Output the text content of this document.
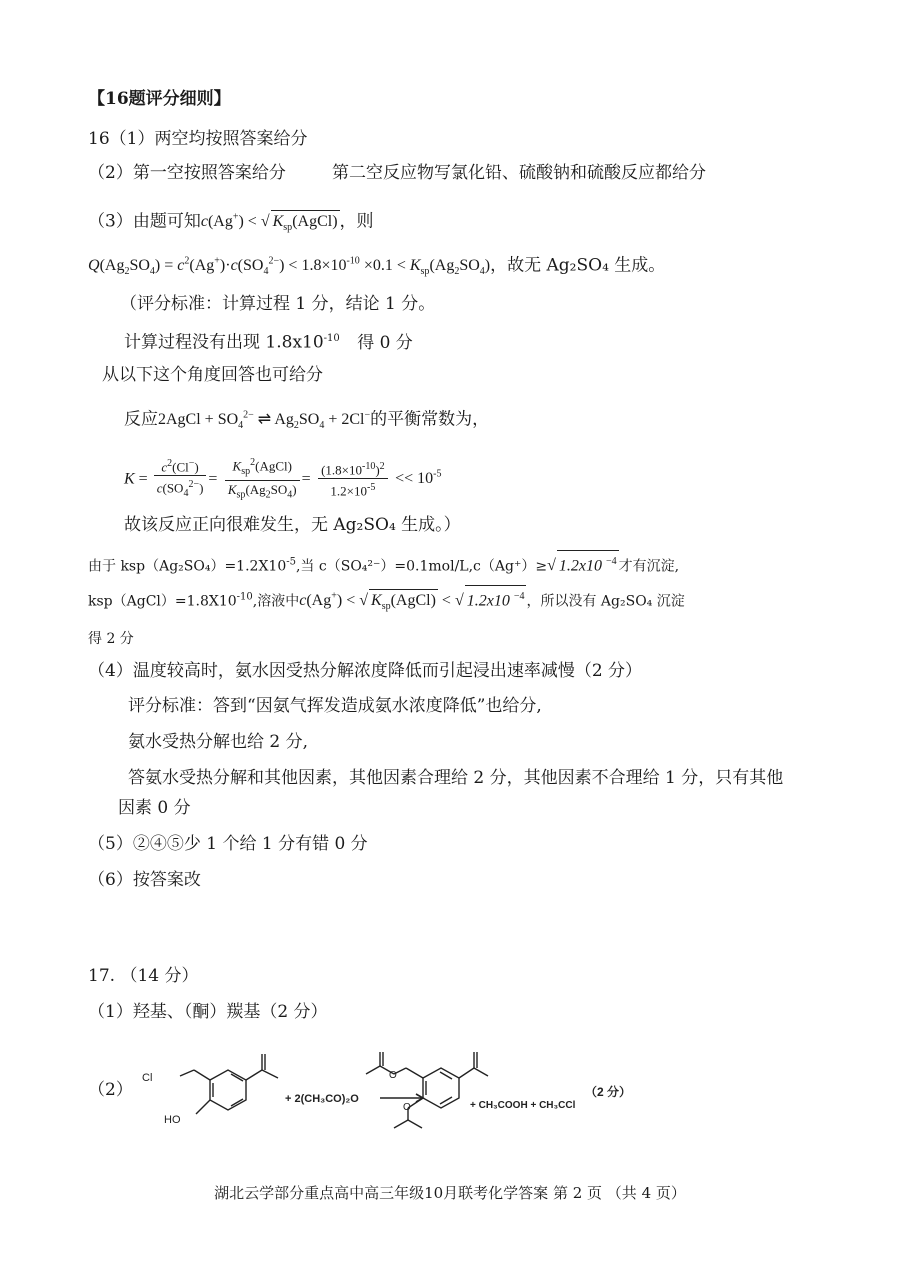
【16题评分细则】
16（1）两空均按照答案给分
（2）第一空按照答案给分	第二空反应物写氯化铅、硫酸钠和硫酸反应都给分
（3）由题可知c(Ag+) < √ $K_{sp}(AgCl)$ ，则
$Q(Ag_2SO_4) = c^2(Ag^+)\cdot c(SO_4^{2-}) < 1.8\times 10^{-10} \times 0.1 < K_{sp}(Ag_2SO_4)$，故无 Ag₂SO₄ 生成。
（评分标准：计算过程 1 分，结论 1 分。
计算过程没有出现 $1.8x10^{-10}$ 得 0 分
从以下这个角度回答也可给分
反应2AgCl + $SO_4^{2-}$ ⇌ $Ag_2SO_4 + 2Cl^-$的平衡常数为，
$K = \frac{c^2(Cl^-)}{c(SO_4^{2-})} = \frac{K_{sp}^2(AgCl)}{K_{sp}(Ag_2SO_4)} = \frac{(1.8\times 10^{-10})^2}{1.2\times 10^{-5}} << 10^{-5}$
故该反应正向很难发生，无 Ag₂SO₄ 生成。）
由于 $ksp(Ag_2SO_4)=1.2X10^{-5}$,当 c（SO₄²⁻）=0.1mol/L,c（Ag⁺）≥√ 1.2x10 $^{-4}$ 才有沉淀,
$ksp(AgCl)=1.8X10^{-10}$,溶液中c(Ag+) < √ $K_{sp}(AgCl)$ < √ 1.2x10 $^{-4}$ ，所以没有 Ag₂SO₄ 沉淀
得 2 分
（4）温度较高时，氨水因受热分解浓度降低而引起浸出速率减慢（2 分）
评分标准：答到“因氨气挥发造成氨水浓度降低”也给分,
氨水受热分解也给 2 分,
答氨水受热分解和其他因素，其他因素合理给 2 分，其他因素不合理给 1 分，只有其他
因素 0 分
（5）②④⑤少 1 个给 1 分有错 0 分
（6）按答案改
17. （14 分）
（1）羟基、（酮）羰基（2 分）
（2）
Cl
HO
+ 2(CH₃CO)₂O
O
O	+ CH₃COOH + CH₃CCl
（2 分）
湖北云学部分重点高中高三年级10月联考化学答案 第 2 页 （共 4 页）
